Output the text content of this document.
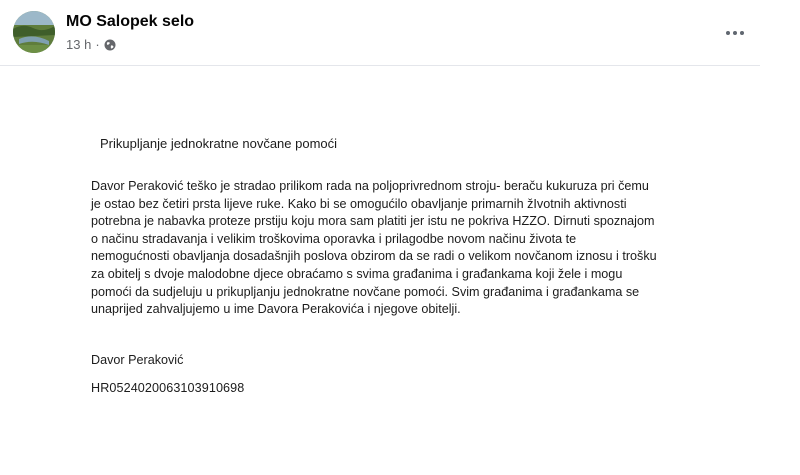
MO Salopek selo
13 h ·
Prikupljanje jednokratne novčane pomoći
Davor Peraković teško je stradao prilikom rada na poljoprivrednom stroju- beraču kukuruza pri čemu
je ostao bez četiri prsta lijeve ruke. Kako bi se omogućilo obavljanje primarnih žIvotnih aktivnosti
potrebna je nabavka proteze prstiju koju mora sam platiti jer istu ne pokriva HZZO. Dirnuti spoznajom
o načinu stradavanja i velikim troškovima oporavka i prilagodbe novom načinu života te
nemogućnosti obavljanja dosadašnjih poslova obzirom da se radi o velikom novčanom iznosu i trošku
za obitelj s dvoje malodobne djece obraćamo s svima građanima i građankama koji žele i mogu
pomoći da sudjeluju u prikupljanju jednokratne novčane pomoći. Svim građanima i građankama se
unaprijed zahvaljujemo u ime Davora Perakovića i njegove obitelji.
Davor Peraković
HR0524020063103910698
